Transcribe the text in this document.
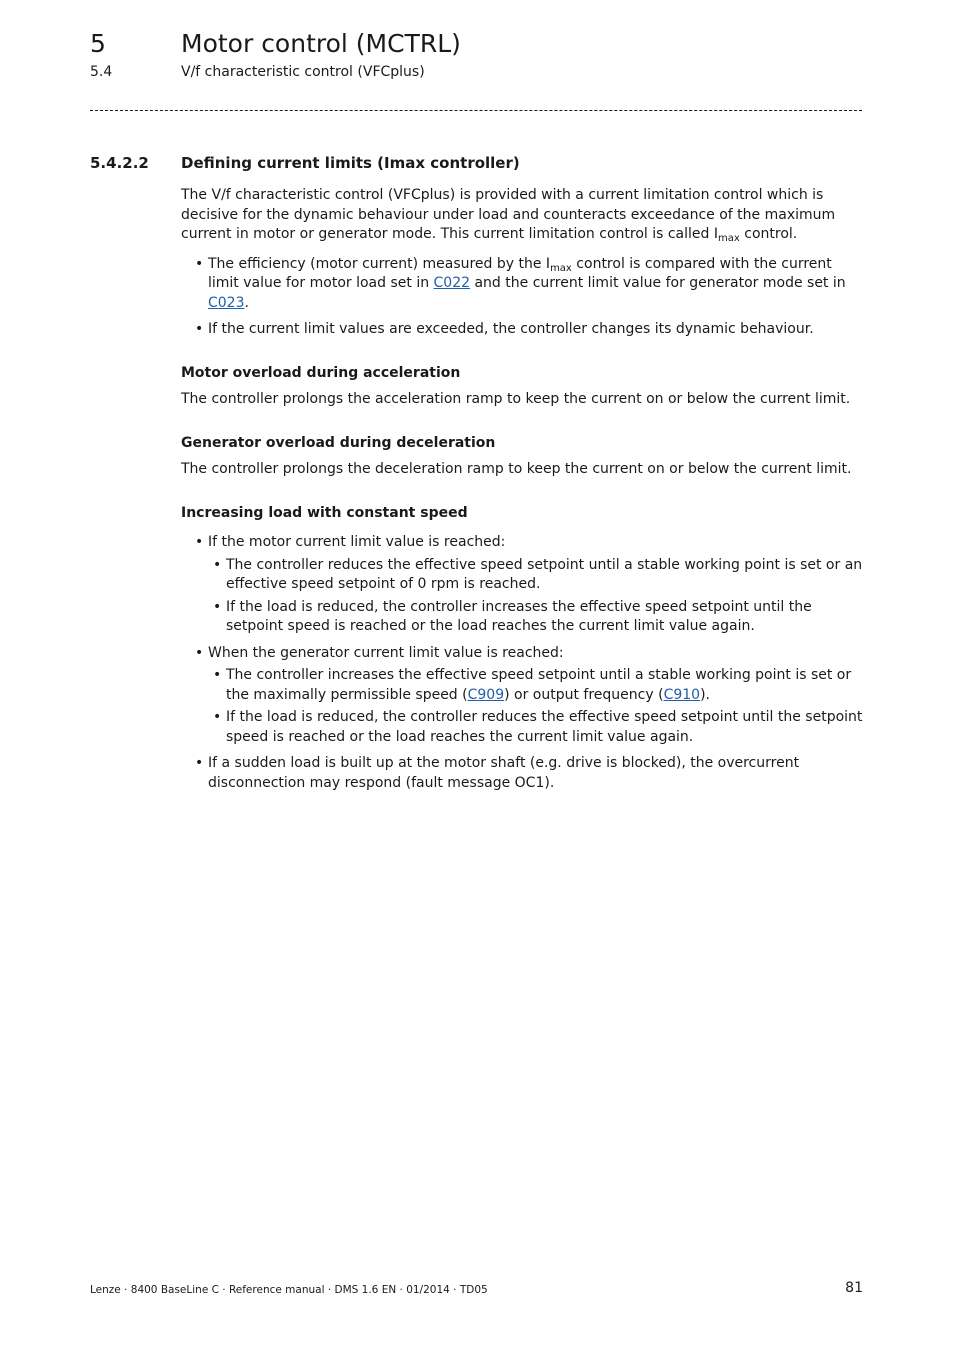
5	Motor control (MCTRL)
5.4	V/f characteristic control (VFCplus)
5.4.2.2 Defining current limits (Imax controller)

The V/f characteristic control (VFCplus) is provided with a current limitation control which is decisive for the dynamic behaviour under load and counteracts exceedance of the maximum current in motor or generator mode. This current limitation control is called $I_{max}$ control.

• The efficiency (motor current) measured by the $I_{max}$ control is compared with the current limit value for motor load set in C022 and the current limit value for generator mode set in C023.
• If the current limit values are exceeded, the controller changes its dynamic behaviour.
Motor overload during acceleration

The controller prolongs the acceleration ramp to keep the current on or below the current limit.

Generator overload during deceleration

The controller prolongs the deceleration ramp to keep the current on or below the current limit.

Increasing load with constant speed
• If the motor current limit value is reached:
• The controller reduces the effective speed setpoint until a stable working point is set or an effective speed setpoint of 0 rpm is reached.
• If the load is reduced, the controller increases the effective speed setpoint until the setpoint speed is reached or the load reaches the current limit value again.
• When the generator current limit value is reached:
• The controller increases the effective speed setpoint until a stable working point is set or the maximally permissible speed (C909) or output frequency (C910).
• If the load is reduced, the controller reduces the effective speed setpoint until the setpoint speed is reached or the load reaches the current limit value again.
• If a sudden load is built up at the motor shaft (e.g. drive is blocked), the overcurrent disconnection may respond (fault message OC1).
Lenze · 8400 BaseLine C · Reference manual · DMS 1.6 EN · 01/2014 · TD05	81
